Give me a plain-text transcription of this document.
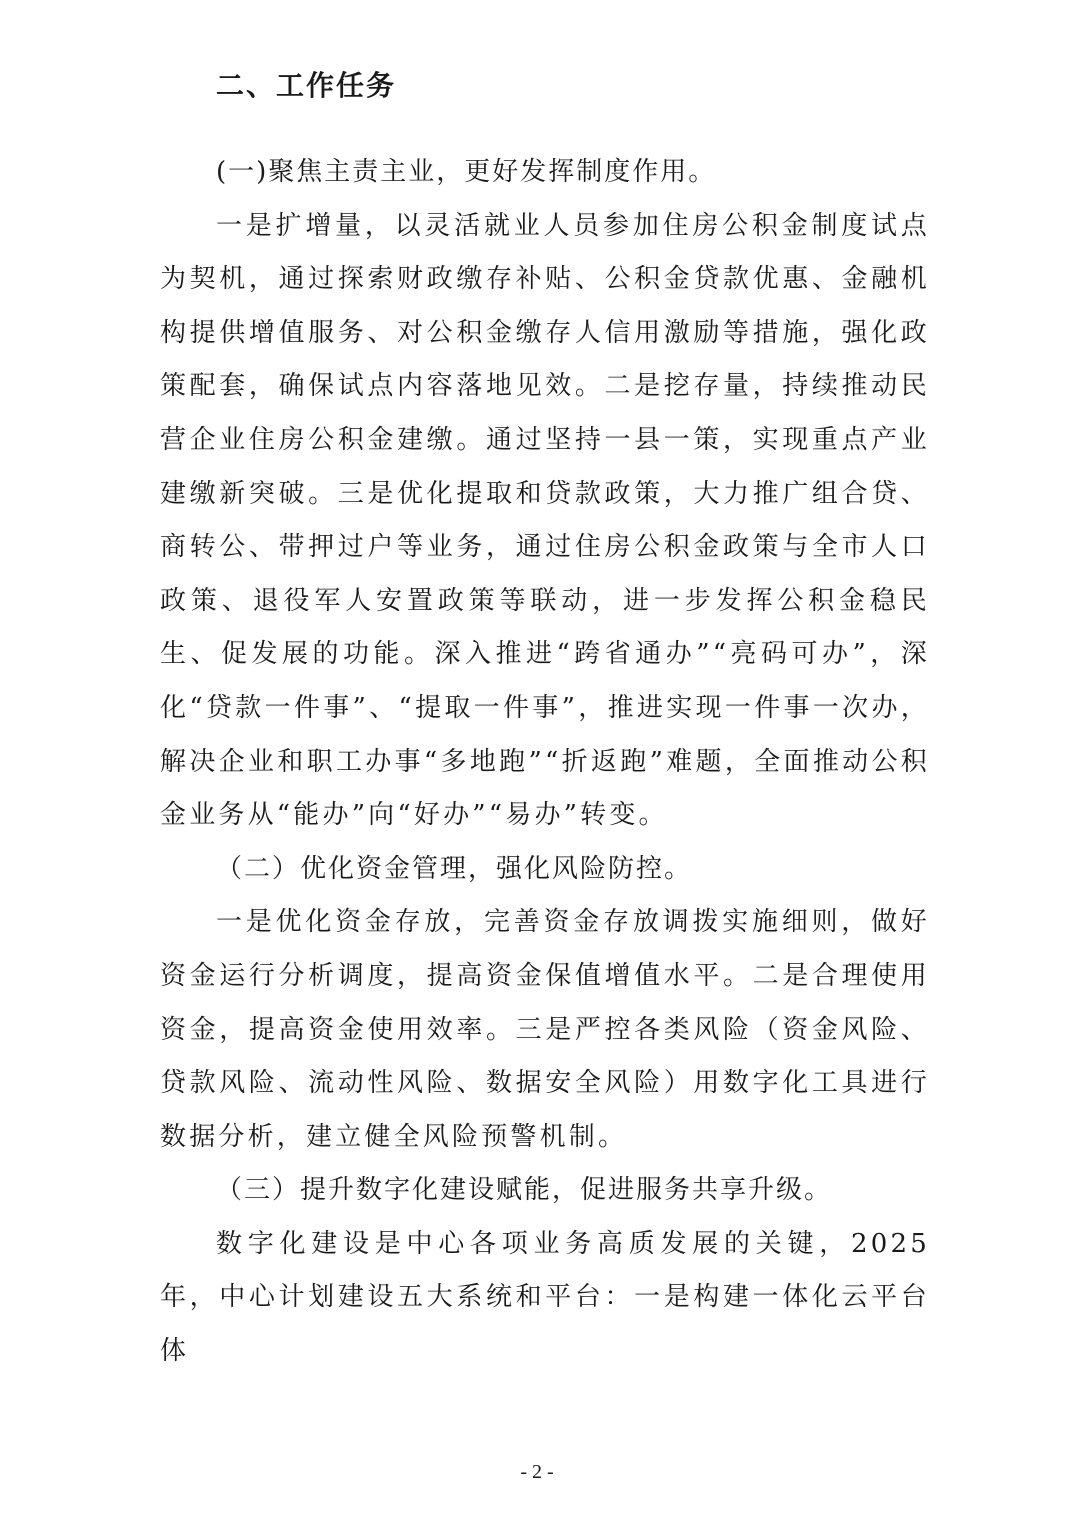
二、工作任务

(一)聚焦主责主业，更好发挥制度作用。

一是扩增量，以灵活就业人员参加住房公积金制度试点为契机，通过探索财政缴存补贴、公积金贷款优惠、金融机构提供增值服务、对公积金缴存人信用激励等措施，强化政策配套，确保试点内容落地见效。二是挖存量，持续推动民营企业住房公积金建缴。通过坚持一县一策，实现重点产业建缴新突破。三是优化提取和贷款政策，大力推广组合贷、商转公、带押过户等业务，通过住房公积金政策与全市人口政策、退役军人安置政策等联动，进一步发挥公积金稳民生、促发展的功能。深入推进“跨省通办”“亮码可办”，深化“贷款一件事”、“提取一件事”，推进实现一件事一次办，解决企业和职工办事“多地跑”“折返跑”难题，全面推动公积金业务从“能办”向“好办”“易办”转变。

（二）优化资金管理，强化风险防控。

一是优化资金存放，完善资金存放调拨实施细则，做好资金运行分析调度，提高资金保值增值水平。二是合理使用资金，提高资金使用效率。三是严控各类风险（资金风险、贷款风险、流动性风险、数据安全风险）用数字化工具进行数据分析，建立健全风险预警机制。

（三）提升数字化建设赋能，促进服务共享升级。

数字化建设是中心各项业务高质发展的关键，2025年，中心计划建设五大系统和平台：一是构建一体化云平台体

- 2 -
